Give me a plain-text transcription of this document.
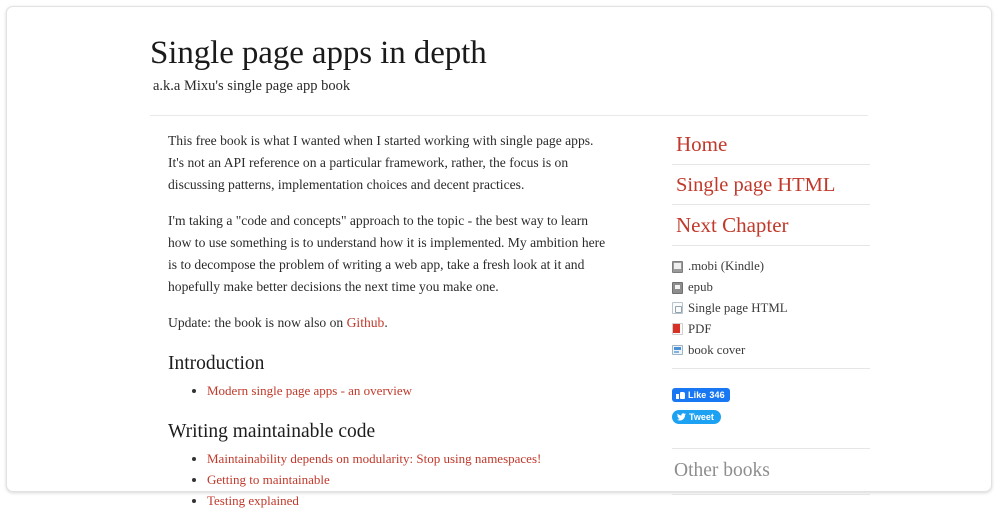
Single page apps in depth
a.k.a Mixu's single page app book

This free book is what I wanted when I started working with single page apps. It's not an API reference on a particular framework, rather, the focus is on discussing patterns, implementation choices and decent practices.

I'm taking a "code and concepts" approach to the topic - the best way to learn how to use something is to understand how it is implemented. My ambition here is to decompose the problem of writing a web app, take a fresh look at it and hopefully make better decisions the next time you make one.

Update: the book is now also on Github.

Introduction
• Modern single page apps - an overview
Writing maintainable code
• Maintainability depends on modularity: Stop using namespaces!
• Getting to maintainable
• Testing explained
Home
Single page HTML
Next Chapter
.mobi (Kindle)
epub
Single page HTML
PDF
book cover
Like 346
Tweet
Other books
